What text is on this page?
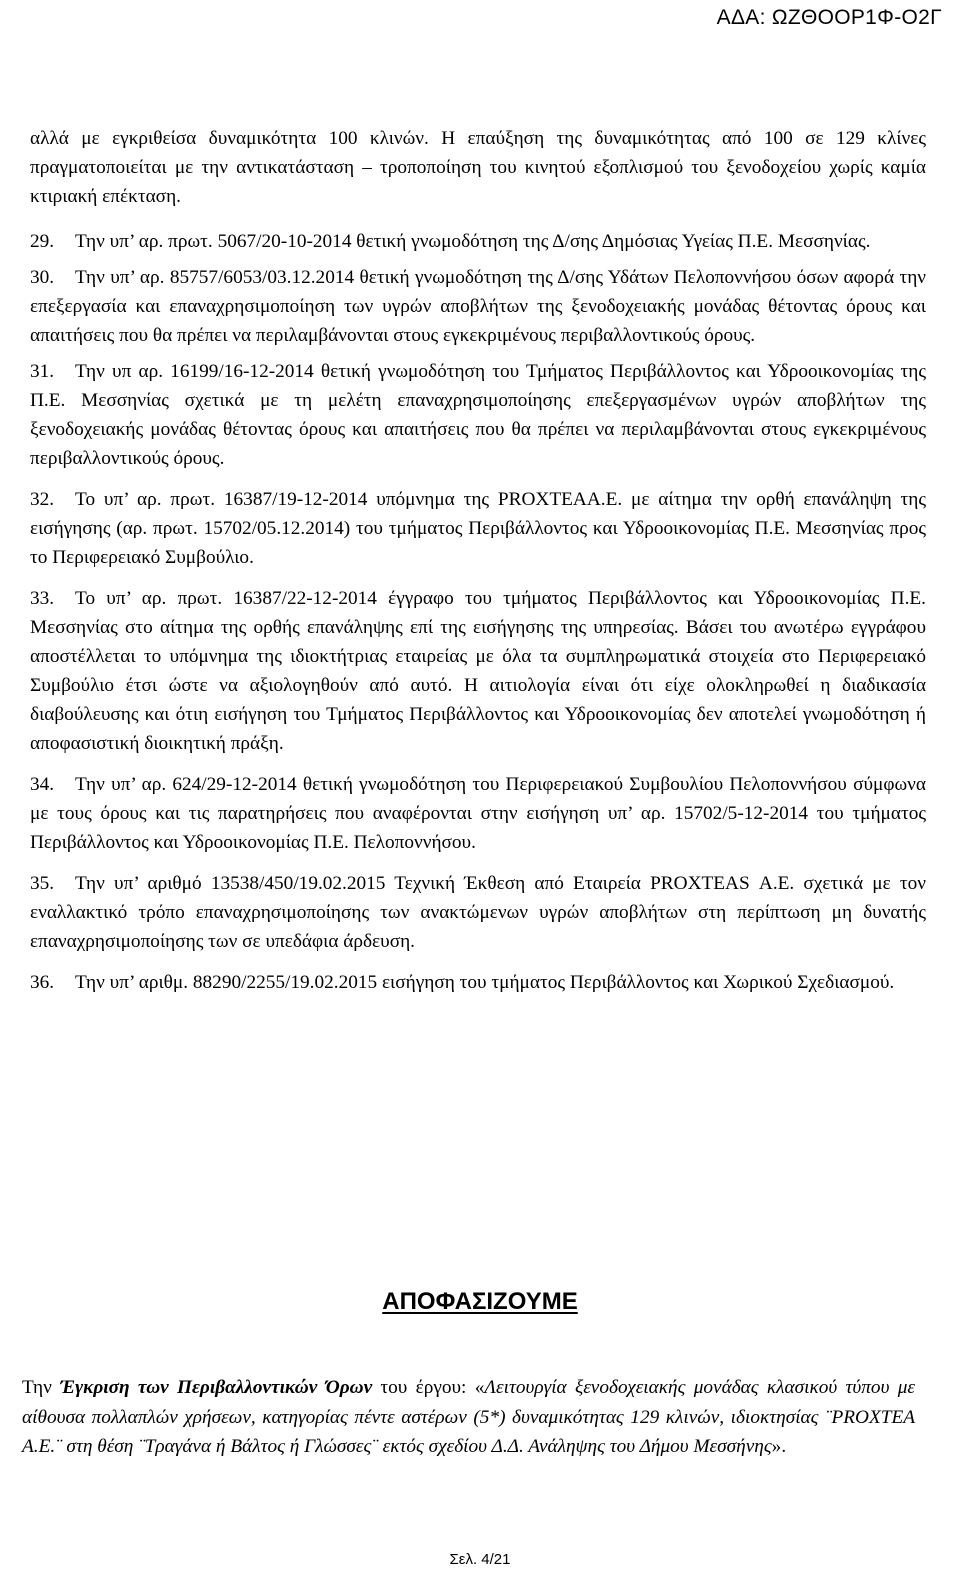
ΑΔΑ: ΩΖΘΟΟΡ1Φ-Ο2Γ

αλλά με εγκριθείσα δυναμικότητα 100 κλινών. Η επαύξηση της δυναμικότητας από 100 σε 129 κλίνες πραγματοποιείται με την αντικατάσταση – τροποποίηση του κινητού εξοπλισμού του ξενοδοχείου χωρίς καμία κτιριακή επέκταση.

29. Την υπ’ αρ. πρωτ. 5067/20-10-2014 θετική γνωμοδότηση της Δ/σης Δημόσιας Υγείας Π.Ε. Μεσσηνίας.

30. Την υπ’ αρ. 85757/6053/03.12.2014 θετική γνωμοδότηση της Δ/σης Υδάτων Πελοποννήσου όσων αφορά την επεξεργασία και επαναχρησιμοποίηση των υγρών αποβλήτων της ξενοδοχειακής μονάδας θέτοντας όρους και απαιτήσεις που θα πρέπει να περιλαμβάνονται στους εγκεκριμένους περιβαλλοντικούς όρους.

31. Την υπ αρ. 16199/16-12-2014 θετική γνωμοδότηση του Τμήματος Περιβάλλοντος και Υδροοικονομίας της Π.Ε. Μεσσηνίας σχετικά με τη μελέτη επαναχρησιμοποίησης επεξεργασμένων υγρών αποβλήτων της ξενοδοχειακής μονάδας θέτοντας όρους και απαιτήσεις που θα πρέπει να περιλαμβάνονται στους εγκεκριμένους περιβαλλοντικούς όρους.

32. Το υπ’ αρ. πρωτ. 16387/19-12-2014 υπόμνημα της PROXTEAA.E. με αίτημα την ορθή επανάληψη της εισήγησης (αρ. πρωτ. 15702/05.12.2014) του τμήματος Περιβάλλοντος και Υδροοικονομίας Π.Ε. Μεσσηνίας προς το Περιφερειακό Συμβούλιο.

33. Το υπ’ αρ. πρωτ. 16387/22-12-2014 έγγραφο του τμήματος Περιβάλλοντος και Υδροοικονομίας Π.Ε. Μεσσηνίας στο αίτημα της ορθής επανάληψης επί της εισήγησης της υπηρεσίας. Βάσει του ανωτέρω εγγράφου αποστέλλεται το υπόμνημα της ιδιοκτήτριας εταιρείας με όλα τα συμπληρωματικά στοιχεία στο Περιφερειακό Συμβούλιο έτσι ώστε να αξιολογηθούν από αυτό. Η αιτιολογία είναι ότι είχε ολοκληρωθεί η διαδικασία διαβούλευσης και ότιη εισήγηση του Τμήματος Περιβάλλοντος και Υδροοικονομίας δεν αποτελεί γνωμοδότηση ή αποφασιστική διοικητική πράξη.

34. Την υπ’ αρ. 624/29-12-2014 θετική γνωμοδότηση του Περιφερειακού Συμβουλίου Πελοποννήσου σύμφωνα με τους όρους και τις παρατηρήσεις που αναφέρονται στην εισήγηση υπ’ αρ. 15702/5-12-2014 του τμήματος Περιβάλλοντος και Υδροοικονομίας Π.Ε. Πελοποννήσου.

35. Την υπ’ αριθμό 13538/450/19.02.2015 Τεχνική Έκθεση από Εταιρεία PROXTEAS Α.Ε. σχετικά με τον εναλλακτικό τρόπο επαναχρησιμοποίησης των ανακτώμενων υγρών αποβλήτων στη περίπτωση μη δυνατής επαναχρησιμοποίησης των σε υπεδάφια άρδευση.

36. Την υπ’ αριθμ. 88290/2255/19.02.2015 εισήγηση του τμήματος Περιβάλλοντος και Χωρικού Σχεδιασμού.

ΑΠΟΦΑΣΙΖΟΥΜΕ

Την Έγκριση των Περιβαλλοντικών Όρων του έργου: «Λειτουργία ξενοδοχειακής μονάδας κλασικού τύπου με αίθουσα πολλαπλών χρήσεων, κατηγορίας πέντε αστέρων (5*) δυναμικότητας 129 κλινών, ιδιοκτησίας ¨PROXTEA A.E.¨ στη θέση ¨Τραγάνα ή Βάλτος ή Γλώσσες¨ εκτός σχεδίου Δ.Δ. Ανάληψης του Δήμου Μεσσήνης».

Σελ. 4/21
